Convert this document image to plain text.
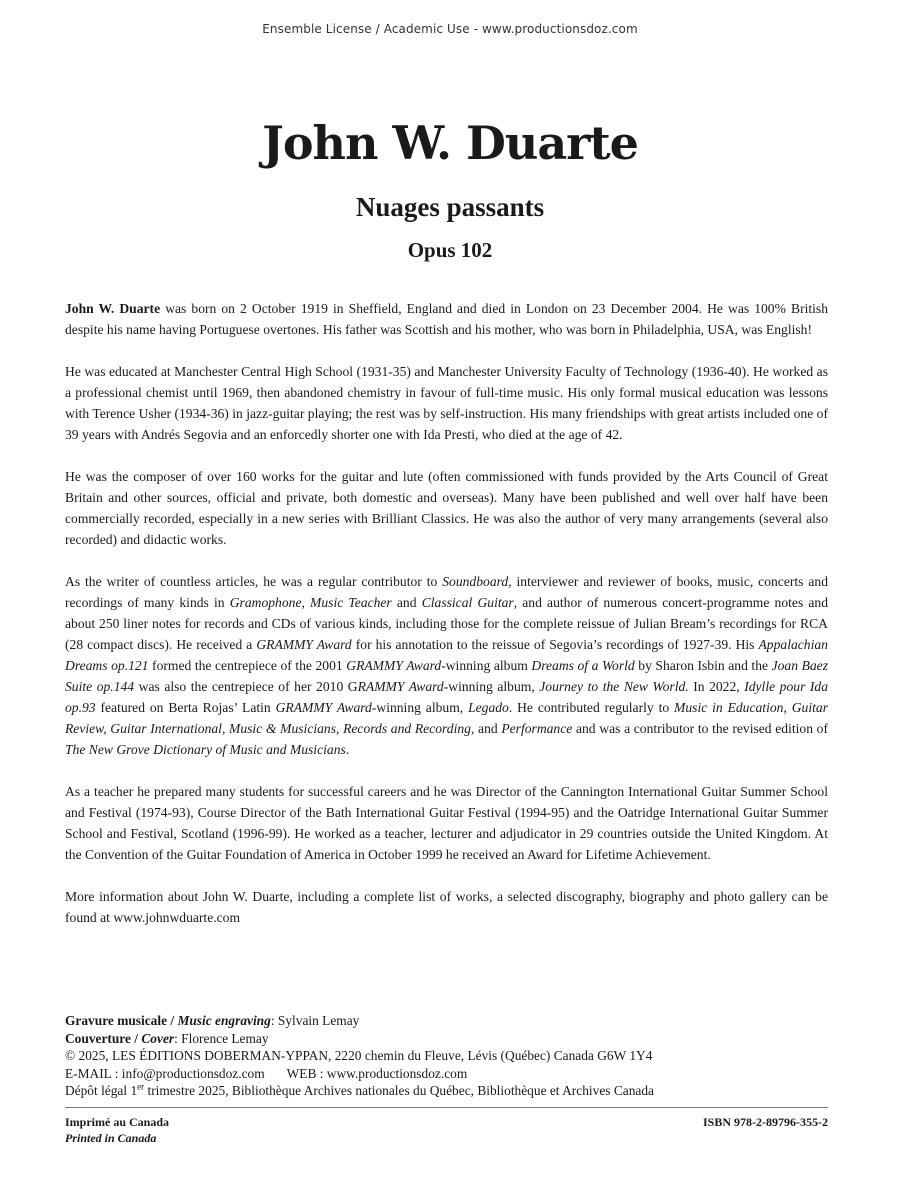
Ensemble License / Academic Use - www.productionsdoz.com
John W. Duarte
Nuages passants
Opus 102

John W. Duarte was born on 2 October 1919 in Sheffield, England and died in London on 23 December 2004. He was 100% British despite his name having Portuguese overtones. His father was Scottish and his mother, who was born in Philadelphia, USA, was English!

He was educated at Manchester Central High School (1931-35) and Manchester University Faculty of Technology (1936-40). He worked as a professional chemist until 1969, then abandoned chemistry in favour of full-time music. His only formal musical education was lessons with Terence Usher (1934-36) in jazz-guitar playing; the rest was by self-instruction. His many friendships with great artists included one of 39 years with Andrés Segovia and an enforcedly shorter one with Ida Presti, who died at the age of 42.

He was the composer of over 160 works for the guitar and lute (often commissioned with funds provided by the Arts Council of Great Britain and other sources, official and private, both domestic and overseas). Many have been published and well over half have been commercially recorded, especially in a new series with Brilliant Classics. He was also the author of very many arrangements (several also recorded) and didactic works.

As the writer of countless articles, he was a regular contributor to Soundboard, interviewer and reviewer of books, music, concerts and recordings of many kinds in Gramophone, Music Teacher and Classical Guitar, and author of numerous concert-programme notes and about 250 liner notes for records and CDs of various kinds, including those for the complete reissue of Julian Bream’s recordings for RCA (28 compact discs). He received a GRAMMY Award for his annotation to the reissue of Segovia’s recordings of 1927-39. His Appalachian Dreams op.121 formed the centrepiece of the 2001 GRAMMY Award-winning album Dreams of a World by Sharon Isbin and the Joan Baez Suite op.144 was also the centrepiece of her 2010 GRAMMY Award-winning album, Journey to the New World. In 2022, Idylle pour Ida op.93 featured on Berta Rojas’ Latin GRAMMY Award-winning album, Legado. He contributed regularly to Music in Education, Guitar Review, Guitar International, Music & Musicians, Records and Recording, and Performance and was a contributor to the revised edition of The New Grove Dictionary of Music and Musicians.

As a teacher he prepared many students for successful careers and he was Director of the Cannington International Guitar Summer School and Festival (1974-93), Course Director of the Bath International Guitar Festival (1994-95) and the Oatridge International Guitar Summer School and Festival, Scotland (1996-99). He worked as a teacher, lecturer and adjudicator in 29 countries outside the United Kingdom. At the Convention of the Guitar Foundation of America in October 1999 he received an Award for Lifetime Achievement.

More information about John W. Duarte, including a complete list of works, a selected discography, biography and photo gallery can be found at www.johnwduarte.com

Gravure musicale / Music engraving: Sylvain Lemay
Couverture / Cover: Florence Lemay
© 2025, LES ÉDITIONS DOBERMAN-YPPAN, 2220 chemin du Fleuve, Lévis (Québec) Canada G6W 1Y4
E-MAIL : info@productionsdoz.com WEB : www.productionsdoz.com
Dépôt légal 1er trimestre 2025, Bibliothèque Archives nationales du Québec, Bibliothèque et Archives Canada
Imprimé au Canada
Printed in Canada
ISBN 978-2-89796-355-2
